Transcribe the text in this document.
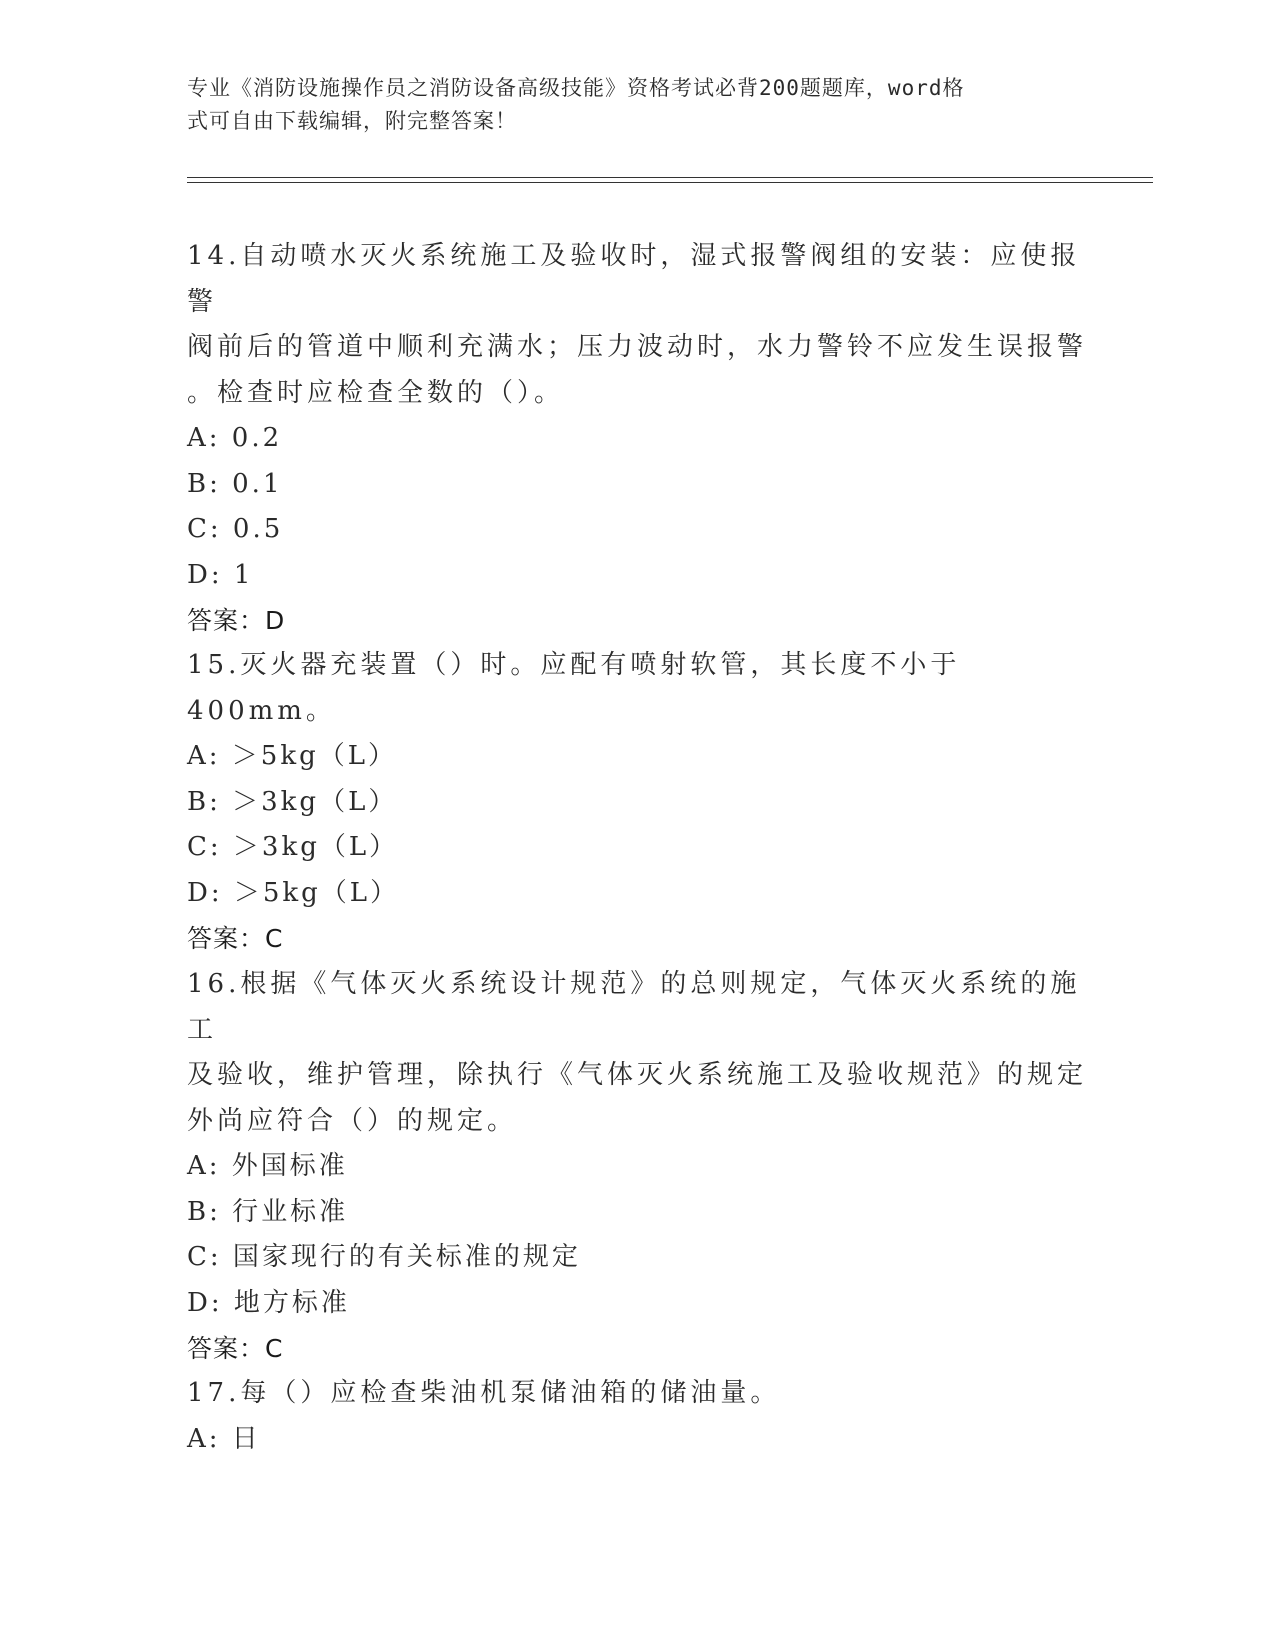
专业《消防设施操作员之消防设备高级技能》资格考试必背200题题库，word格
式可自由下载编辑，附完整答案！
14.自动喷水灭火系统施工及验收时，湿式报警阀组的安装：应使报警
阀前后的管道中顺利充满水；压力波动时，水力警铃不应发生误报警
。检查时应检查全数的（）。
A: 0.2
B: 0.1
C: 0.5
D: 1
答案：D
15.灭火器充装置（）时。应配有喷射软管，其长度不小于400mm。
A: ＞5kg（L）
B: ＞3kg（L）
C: ＞3kg（L）
D: ＞5kg（L）
答案：C
16.根据《气体灭火系统设计规范》的总则规定，气体灭火系统的施工
及验收，维护管理，除执行《气体灭火系统施工及验收规范》的规定
外尚应符合（）的规定。
A: 外国标准
B: 行业标准
C: 国家现行的有关标准的规定
D: 地方标准
答案：C
17.每（）应检查柴油机泵储油箱的储油量。
A: 日
